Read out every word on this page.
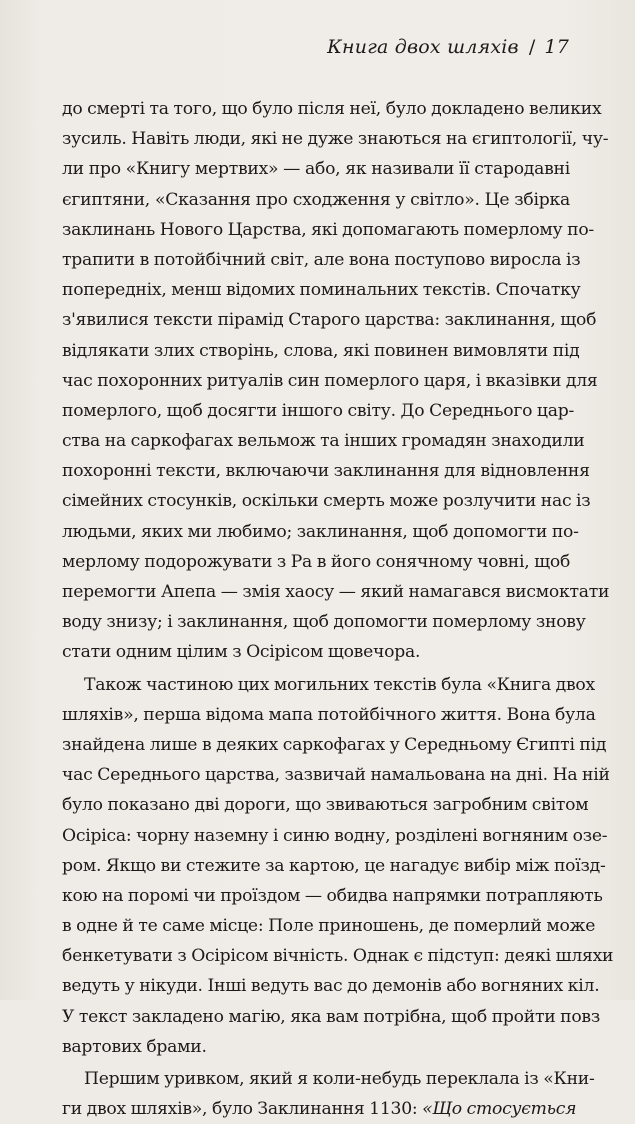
Книга двох шляхів / 17
до смерті та того, що було після неї, було докладено великих
зусиль. Навіть люди, які не дуже знаються на єгиптології, чу-
ли про «Книгу мертвих» — або, як називали її стародавні
єгиптяни, «Сказання про сходження у світло». Це збірка
заклинань Нового Царства, які допомагають померлому по-
трапити в потойбічний світ, але вона поступово виросла із
попередніх, менш відомих поминальних текстів. Спочатку
з'явилися тексти пірамід Старого царства: заклинання, щоб
відлякати злих створінь, слова, які повинен вимовляти під
час похоронних ритуалів син померлого царя, і вказівки для
померлого, щоб досягти іншого світу. До Середнього цар-
ства на саркофагах вельмож та інших громадян знаходили
похоронні тексти, включаючи заклинання для відновлення
сімейних стосунків, оскільки смерть може розлучити нас із
людьми, яких ми любимо; заклинання, щоб допомогти по-
мерлому подорожувати з Ра в його сонячному човні, щоб
перемогти Апепа — змія хаосу — який намагався висмоктати
воду знизу; і заклинання, щоб допомогти померлому знову
стати одним цілим з Осірісом щовечора.
Також частиною цих могильних текстів була «Книга двох
шляхів», перша відома мапа потойбічного життя. Вона була
знайдена лише в деяких саркофагах у Середньому Єгипті під
час Середнього царства, зазвичай намальована на дні. На ній
було показано дві дороги, що звиваються загробним світом
Осіріса: чорну наземну і синю водну, розділені вогняним озе-
ром. Якщо ви стежите за картою, це нагадує вибір між поїзд-
кою на поромі чи проїздом — обидва напрямки потрапляють
в одне й те саме місце: Поле приношень, де померлий може
бенкетувати з Осірісом вічність. Однак є підступ: деякі шляхи
ведуть у нікуди. Інші ведуть вас до демонів або вогняних кіл.
У текст закладено магію, яка вам потрібна, щоб пройти повз
вартових брами.
Першим уривком, який я коли-небудь переклала із «Кни-
ги двох шляхів», було Заклинання 1130: «Що стосується
